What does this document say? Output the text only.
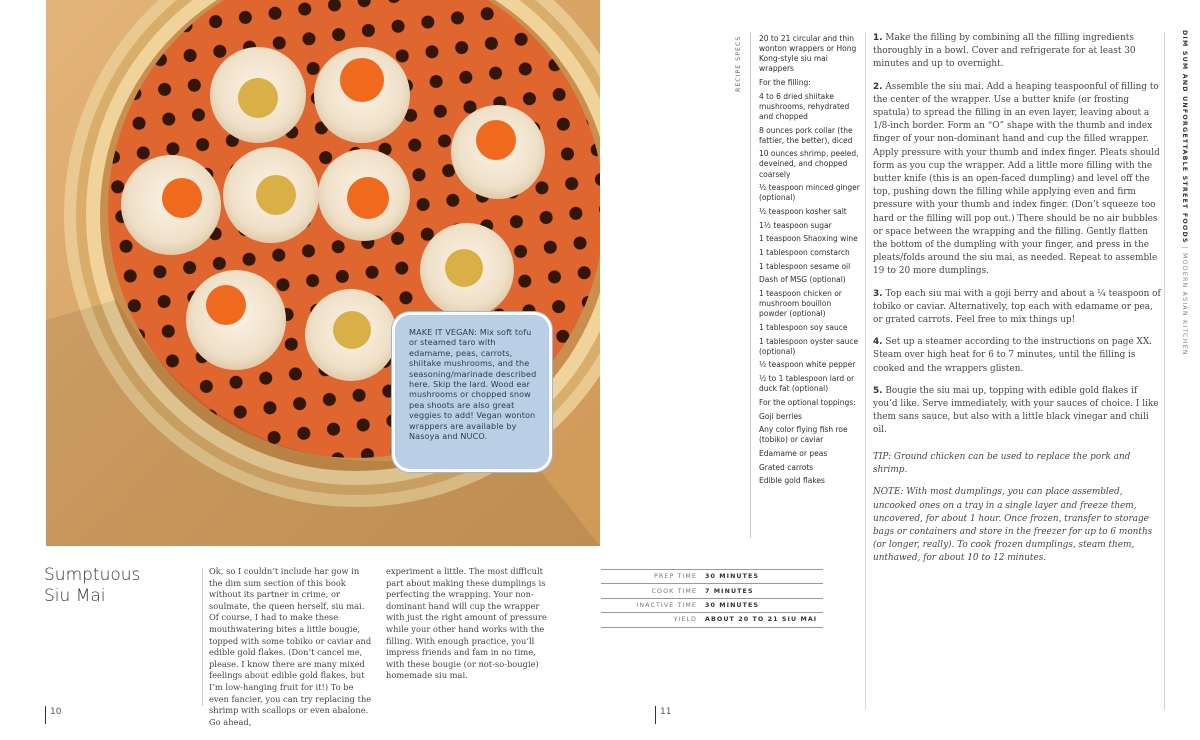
MAKE IT VEGAN: Mix soft tofu or steamed taro with edamame, peas, carrots, shiitake mushrooms, and the seasoning/marinade described here. Skip the lard. Wood ear mushrooms or chopped snow pea shoots are also great veggies to add! Vegan wonton wrappers are available by Nasoya and NUCO.
Sumptuous
Siu Mai
Ok, so I couldn’t include har gow in the dim sum section of this book without its partner in crime, or soulmate, the queen herself, siu mai. Of course, I had to make these mouthwatering bites a little bougie, topped with some tobiko or caviar and edible gold flakes. (Don’t cancel me, please. I know there are many mixed feelings about edible gold flakes, but I’m low-hanging fruit for it!) To be even fancier, you can try replacing the shrimp with scallops or even abalone. Go ahead,
experiment a little. The most difficult part about making these dumplings is perfecting the wrapping. Your non-dominant hand will cup the wrapper with just the right amount of pressure while your other hand works with the filling. With enough practice, you’ll impress friends and fam in no time, with these bougie (or not-so-bougie) homemade siu mai.
10
PREP TIME	30 MINUTES
COOK TIME	7 MINUTES
INACTIVE TIME	30 MINUTES
YIELD	ABOUT 20 TO 21 SIU MAI
11
RECIPE SPECS 20 to 21 circular and thin wonton wrappers or Hong Kong-style siu mai wrappers
For the filling:
4 to 6 dried shiitake mushrooms, rehydrated and chopped
8 ounces pork collar (the fattier, the better), diced
10 ounces shrimp, peeled, deveined, and chopped coarsely
½ teaspoon minced ginger (optional)
½ teaspoon kosher salt
1½ teaspoon sugar
1 teaspoon Shaoxing wine
1 tablespoon cornstarch
1 tablespoon sesame oil
Dash of MSG (optional)
1 teaspoon chicken or mushroom bouillon powder (optional)
1 tablespoon soy sauce
1 tablespoon oyster sauce (optional)
½ teaspoon white pepper
½ to 1 tablespoon lard or duck fat (optional)
For the optional toppings:
Goji berries
Any color flying fish roe (tobiko) or caviar
Edamame or peas
Grated carrots
Edible gold flakes

1. Make the filling by combining all the filling ingredients thoroughly in a bowl. Cover and refrigerate for at least 30 minutes and up to overnight.

2. Assemble the siu mai. Add a heaping teaspoonful of filling to the center of the wrapper. Use a butter knife (or frosting spatula) to spread the filling in an even layer, leaving about a 1/8-inch border. Form an “O” shape with the thumb and index finger of your non-dominant hand and cup the filled wrapper. Apply pressure with your thumb and index finger. Pleats should form as you cup the wrapper. Add a little more filling with the butter knife (this is an open-faced dumpling) and level off the top, pushing down the filling while applying even and firm pressure with your thumb and index finger. (Don’t squeeze too hard or the filling will pop out.) There should be no air bubbles or space between the wrapping and the filling. Gently flatten the bottom of the dumpling with your finger, and press in the pleats/folds around the siu mai, as needed. Repeat to assemble 19 to 20 more dumplings.

3. Top each siu mai with a goji berry and about a ¼ teaspoon of tobiko or caviar. Alternatively, top each with edamame or pea, or grated carrots. Feel free to mix things up!

4. Set up a steamer according to the instructions on page XX. Steam over high heat for 6 to 7 minutes, until the filling is cooked and the wrappers glisten.

5. Bougie the siu mai up, topping with edible gold flakes if you’d like. Serve immediately, with your sauces of choice. I like them sans sauce, but also with a little black vinegar and chili oil.

TIP: Ground chicken can be used to replace the pork and shrimp.

NOTE: With most dumplings, you can place assembled, uncooked ones on a tray in a single layer and freeze them, uncovered, for about 1 hour. Once frozen, transfer to storage bags or containers and store in the freezer for up to 6 months (or longer, really). To cook frozen dumplings, steam them, unthawed, for about 10 to 12 minutes.

DIM SUM AND UNFORGETTABLE STREET FOODS|MODERN ASIAN KITCHEN
